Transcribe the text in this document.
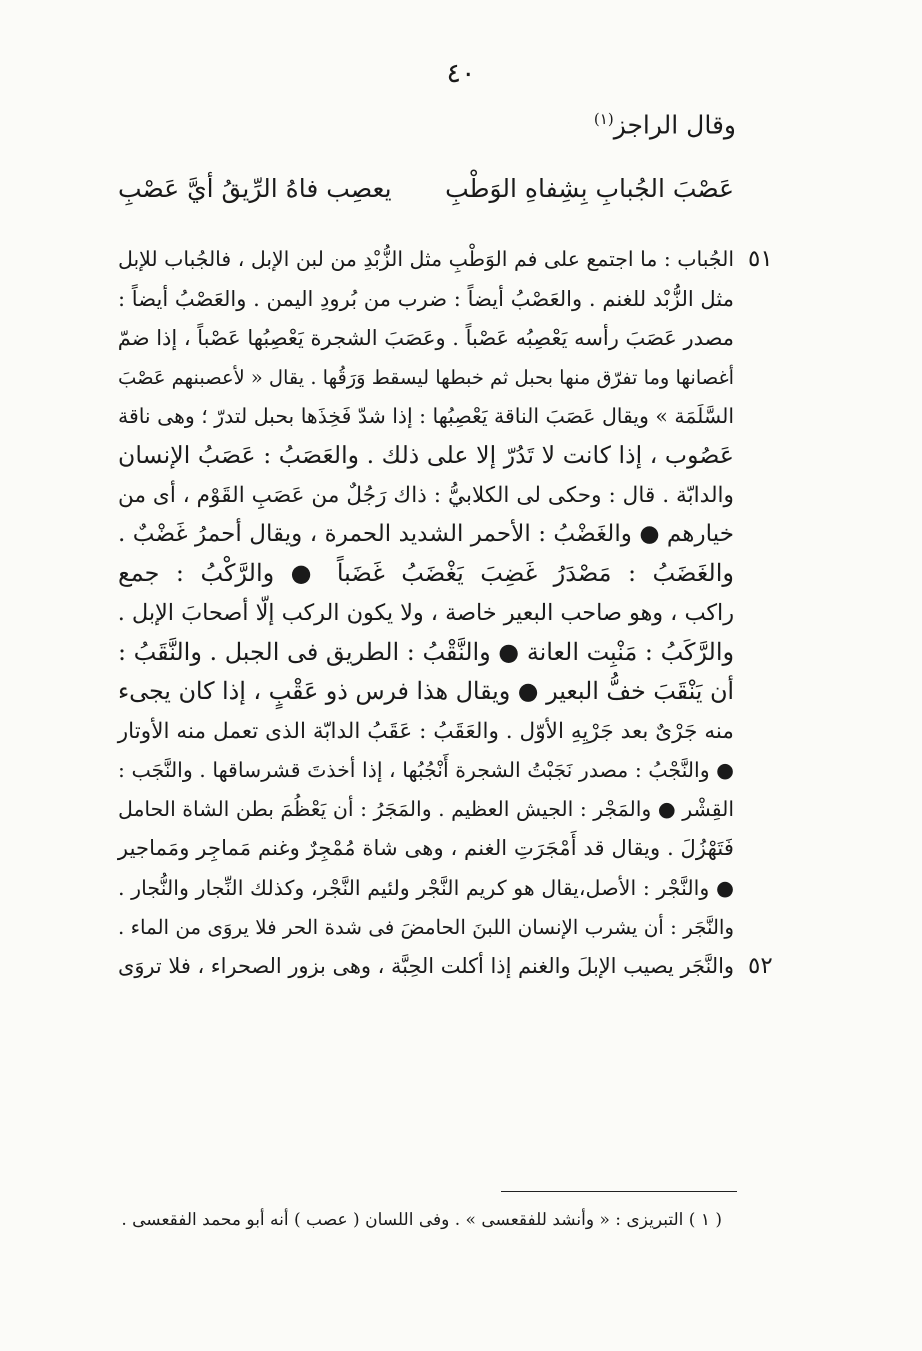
٤٠
وقال الراجز$^{(١)}$
عَصْبَ الجُبابِ بِشِفاهِ الوَطْبِ
يعصِب فاهُ الرِّيقُ أيَّ عَصْبِ
الجُباب : ما اجتمع على فم الوَطْبِ مثل الزُّبْدِ من لبن الإبل ، فالجُباب للإبل ٥١
مثل الزُّبْد للغنم . والعَصْبُ أيضاً : ضرب من بُرودِ اليمن . والعَصْبُ أيضاً :
مصدر عَصَبَ رأسه يَعْصِبُه عَصْباً . وعَصَبَ الشجرة يَعْصِبُها عَصْباً ، إذا ضمّ
أغصانها وما تفرّق منها بحبل ثم خبطها ليسقط وَرَقُها . يقال « لأعصبنهم عَصْبَ
السَّلَمَة » ويقال عَصَبَ الناقة يَعْصِبُها : إذا شدّ فَخِذَها بحبل لتدرّ ؛ وهى ناقة
عَصُوب ، إذا كانت لا تَدُرّ إلا على ذلك . والعَصَبُ : عَصَبُ الإنسان
والدابّة . قال : وحكى لى الكلابيُّ : ذاك رَجُلٌ من عَصَبِ القَوْم ، أى من
خيارهم ● والغَضْبُ : الأحمر الشديد الحمرة ، ويقال أحمرُ غَضْبٌ .
والغَضَبُ : مَصْدَرُ غَضِبَ يَغْضَبُ غَضَباً ● والرَّكْبُ : جمع
راكب ، وهو صاحب البعير خاصة ، ولا يكون الركب إلّا أصحابَ الإبل .
والرَّكَبُ : مَنْبِت العانة ● والنَّقْبُ : الطريق فى الجبل . والنَّقَبُ :
أن يَنْقَبَ خفُّ البعير ● ويقال هذا فرس ذو عَقْبٍ ، إذا كان يجىء
منه جَرْىٌ بعد جَرْيِهِ الأوّل . والعَقَبُ : عَقَبُ الدابّة الذى تعمل منه الأوتار
● والنَّجْبُ : مصدر نَجَبْتُ الشجرة أَنْجُبُها ، إذا أخذتَ قشرساقها . والنَّجَب :
القِشْر ● والمَجْر : الجيش العظيم . والمَجَرُ : أن يَعْظُمَ بطن الشاة الحامل
فَتَهْزُلَ . ويقال قد أَمْجَرَتِ الغنم ، وهى شاة مُمْجِرٌ وغنم مَماجِر ومَماجير
● والنَّجْر : الأصل،يقال هو كريم النَّجْر ولئيم النَّجْر، وكذلك النِّجار والنُّجار .
والنَّجَر : أن يشرب الإنسان اللبنَ الحامضَ فى شدة الحر فلا يروَى من الماء .
والنَّجَر يصيب الإبلَ والغنم إذا أكلت الحِبَّة ، وهى بزور الصحراء ، فلا تروَى ٥٢
( ١ ) التبريزى : « وأنشد للفقعسى » . وفى اللسان ( عصب ) أنه أبو محمد الفقعسى .
